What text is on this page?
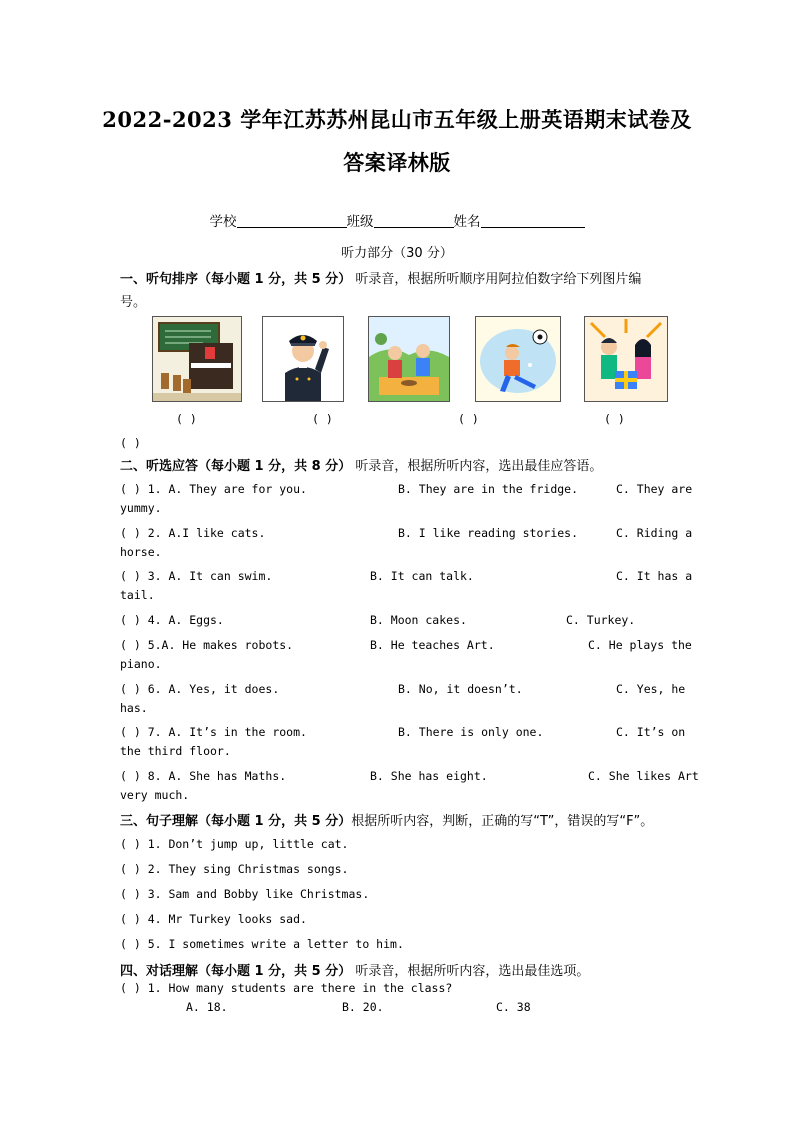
2022-2023 学年江苏苏州昆山市五年级上册英语期末试卷及
答案译林版
学校	班级	姓名
听力部分（30 分）
一、听句排序（每小题 1 分，共 5 分） 听录音，根据所听顺序用阿拉伯数字给下列图片编
号。
( )	( )	( )	( )
( )
二、听选应答（每小题 1 分，共 8 分） 听录音，根据所听内容，选出最佳应答语。
( ) 1. A. They are for you.	B. They are in the fridge.	C. They are
yummy.
( ) 2. A.I like cats.	B. I like reading stories.	C. Riding a
horse.
( ) 3. A. It can swim.	B. It can talk.	C. It has a
tail.
( ) 4. A. Eggs.	B. Moon cakes.	C. Turkey.
( ) 5.A. He makes robots.	B. He teaches Art.	C. He plays the
piano.
( ) 6. A. Yes, it does.	B. No, it doesn’t.	C. Yes, he
has.
( ) 7. A. It’s in the room.	B. There is only one.	C. It’s on
the third floor.
( ) 8. A. She has Maths.	B. She has eight.	C. She likes Art
very much.
三、句子理解（每小题 1 分，共 5 分）根据所听内容，判断，正确的写“T”，错误的写“F”。
( ) 1. Don’t jump up, little cat.
( ) 2. They sing Christmas songs.
( ) 3. Sam and Bobby like Christmas.
( ) 4. Mr Turkey looks sad.
( ) 5. I sometimes write a letter to him.
四、对话理解（每小题 1 分，共 5 分） 听录音，根据所听内容，选出最佳选项。
( ) 1. How many students are there in the class?
A. 18.	B. 20.	C. 38
